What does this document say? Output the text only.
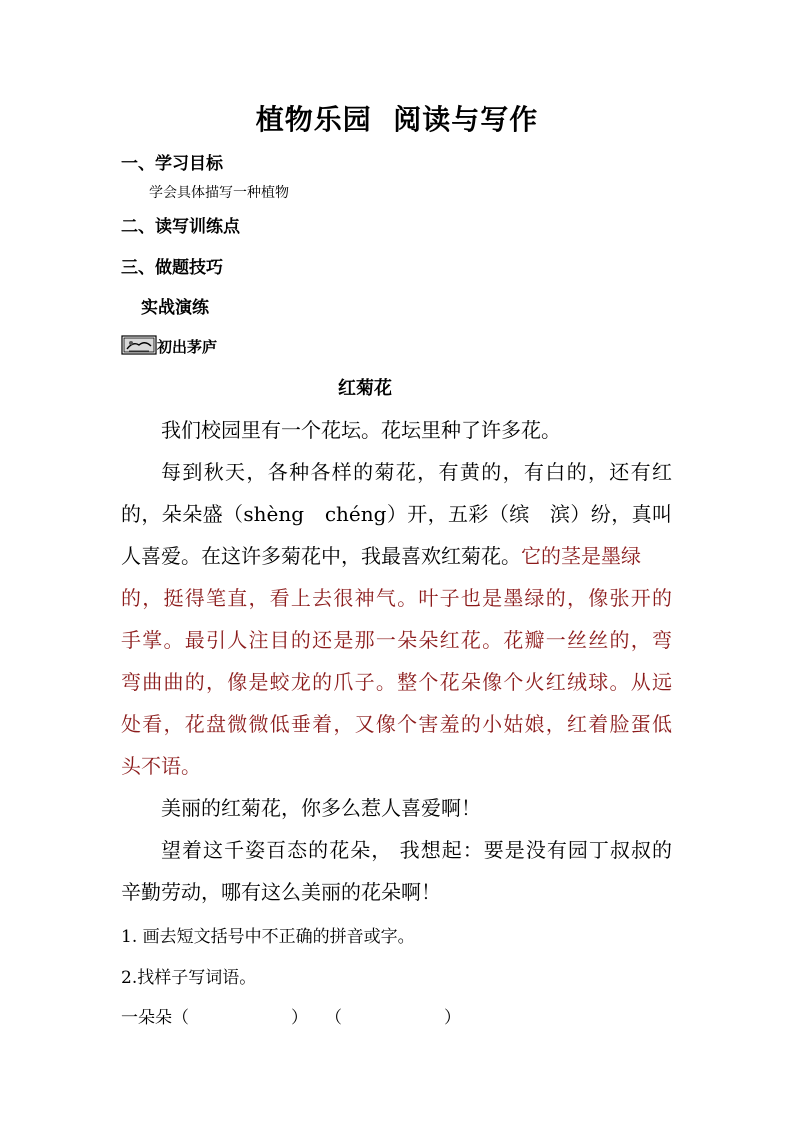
植物乐园  阅读与写作
一、学习目标
学会具体描写一种植物
二、读写训练点
三、做题技巧
实战演练
初出茅庐
红菊花
我们校园里有一个花坛。花坛里种了许多花。
每到秋天，各种各样的菊花，有黄的，有白的，还有红
的，朵朵盛（shèng　chéng）开，五彩（缤　滨）纷，真叫
人喜爱。在这许多菊花中，我最喜欢红菊花。它的茎是墨绿
的，挺得笔直，看上去很神气。叶子也是墨绿的，像张开的
手掌。最引人注目的还是那一朵朵红花。花瓣一丝丝的，弯
弯曲曲的，像是蛟龙的爪子。整个花朵像个火红绒球。从远
处看，花盘微微低垂着，又像个害羞的小姑娘，红着脸蛋低
头不语。
美丽的红菊花，你多么惹人喜爱啊！
望着这千姿百态的花朵， 我想起：要是没有园丁叔叔的
辛勤劳动，哪有这么美丽的花朵啊！
1. 画去短文括号中不正确的拼音或字。
2.找样子写词语。
一朵朵（　　　　　　）　　（　　　　　　）
